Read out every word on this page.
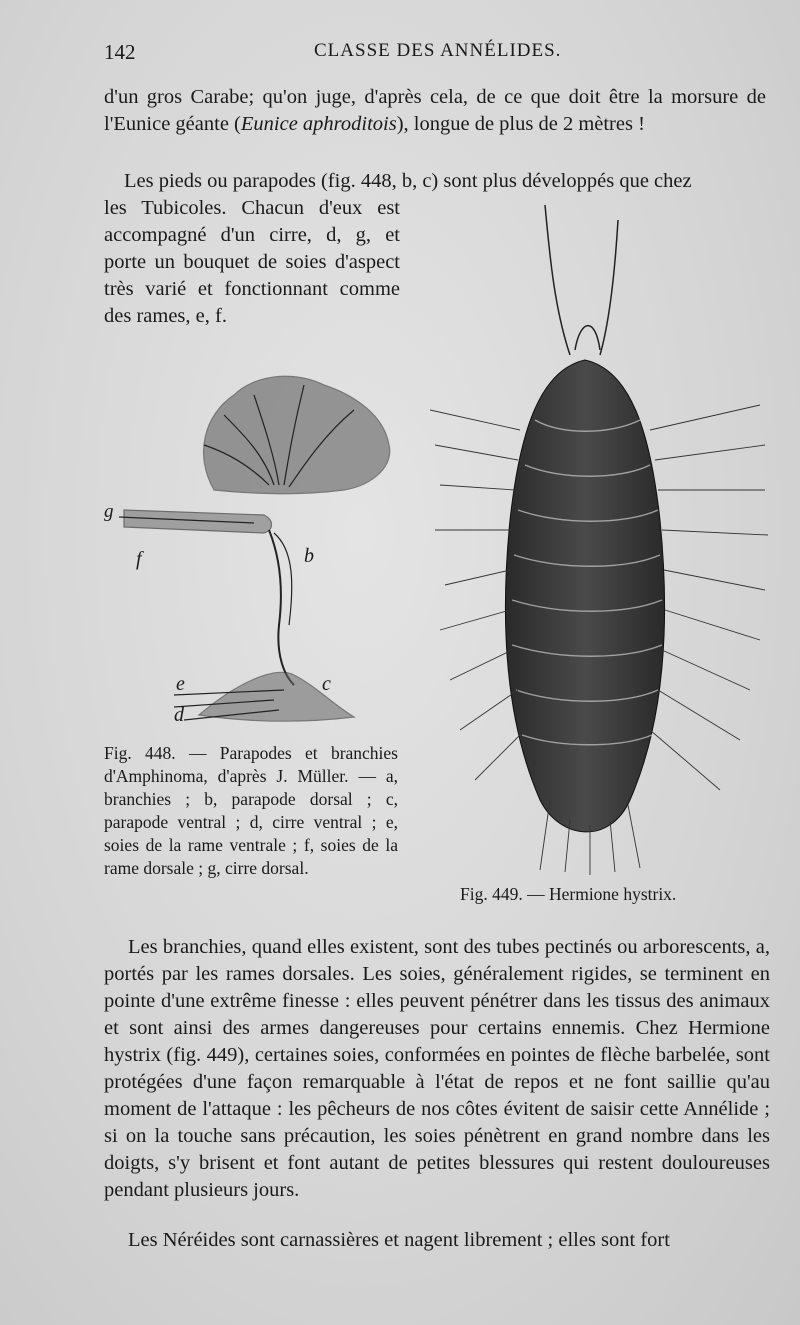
142	CLASSE DES ANNÉLIDES.

d'un gros Carabe; qu'on juge, d'après cela, de ce que doit être la morsure de l'Eunice géante (Eunice aphroditois), longue de plus de 2 mètres !

Les pieds ou parapodes (fig. 448, b, c) sont plus développés que chez

les Tubicoles. Chacun d'eux est accompagné d'un cirre, d, g, et porte un bouquet de soies d'aspect très varié et fonctionnant comme des rames, e, f.

g
f	b
e	c
d
Fig. 448. — Parapodes et branchies d'Amphinoma, d'après J. Müller. — a, branchies ; b, parapode dorsal ; c, parapode ventral ; d, cirre ventral ; e, soies de la rame ventrale ; f, soies de la rame dorsale ; g, cirre dorsal.
Fig. 449. — Hermione hystrix.

Les branchies, quand elles existent, sont des tubes pectinés ou arborescents, a, portés par les rames dorsales. Les soies, généralement rigides, se terminent en pointe d'une extrême finesse : elles peuvent pénétrer dans les tissus des animaux et sont ainsi des armes dangereuses pour certains ennemis. Chez Hermione hystrix (fig. 449), certaines soies, conformées en pointes de flèche barbelée, sont protégées d'une façon remarquable à l'état de repos et ne font saillie qu'au moment de l'attaque : les pêcheurs de nos côtes évitent de saisir cette Annélide ; si on la touche sans précaution, les soies pénètrent en grand nombre dans les doigts, s'y brisent et font autant de petites blessures qui restent douloureuses pendant plusieurs jours.

Les Néréides sont carnassières et nagent librement ; elles sont fort
